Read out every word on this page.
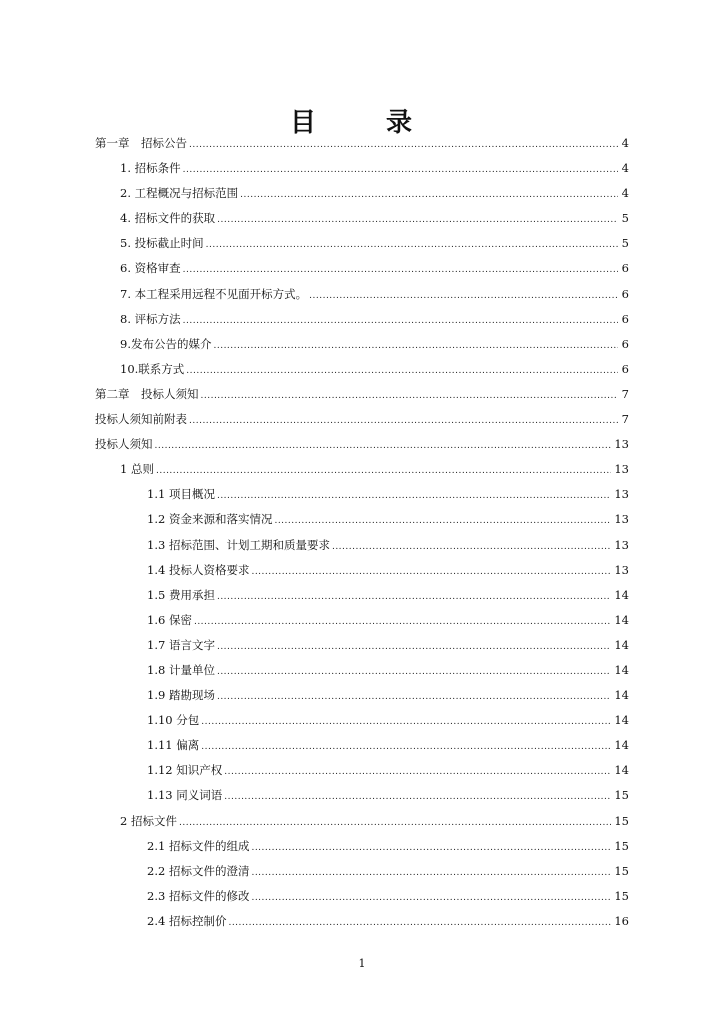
目　录
第一章　招标公告 .....	4
1. 招标条件 .....	4
2. 工程概况与招标范围 .....	4
4. 招标文件的获取 .....	5
5. 投标截止时间 .....	5
6. 资格审查 .....	6
7. 本工程采用远程不见面开标方式。 .....	6
8. 评标方法 .....	6
9.发布公告的媒介 .....	6
10.联系方式 .....	6
第二章　投标人须知 .....	7
投标人须知前附表 .....	7
投标人须知 .....	13
1 总则 .....	13
1.1 项目概况 .....	13
1.2 资金来源和落实情况 .....	13
1.3 招标范围、计划工期和质量要求 .....	13
1.4 投标人资格要求 .....	13
1.5 费用承担 .....	14
1.6 保密 .....	14
1.7 语言文字 .....	14
1.8 计量单位 .....	14
1.9 踏勘现场 .....	14
1.10 分包 .....	14
1.11 偏离 .....	14
1.12 知识产权 .....	14
1.13 同义词语 .....	15
2 招标文件 .....	15
2.1 招标文件的组成 .....	15
2.2 招标文件的澄清 .....	15
2.3 招标文件的修改 .....	15
2.4 招标控制价 .....	16
1
